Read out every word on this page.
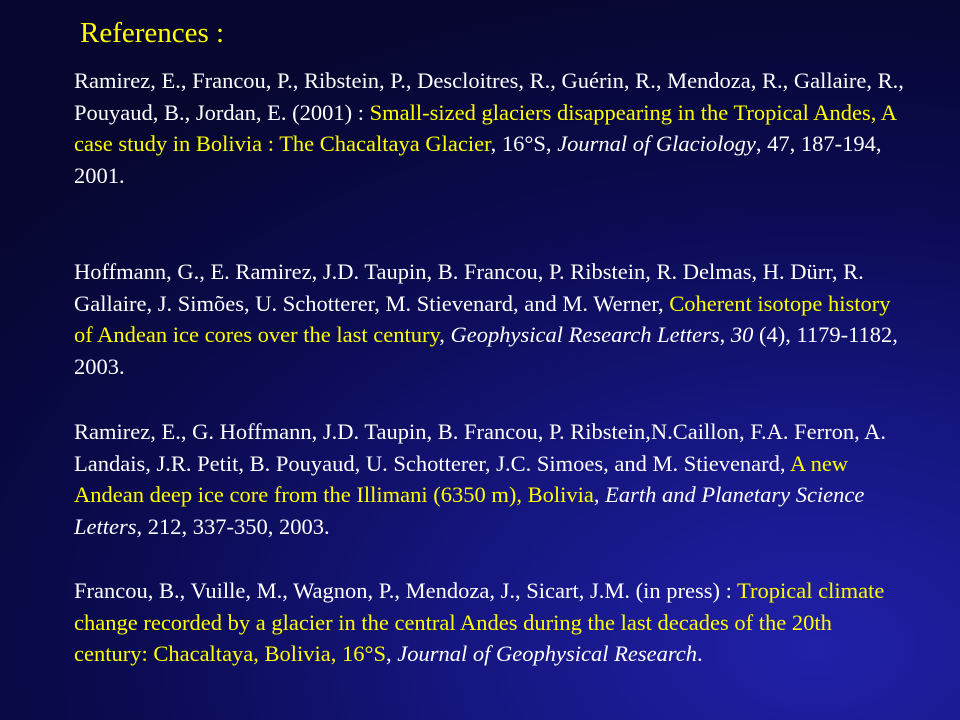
References :
Ramirez, E., Francou, P., Ribstein, P., Descloitres, R., Guérin, R., Mendoza, R., Gallaire, R., Pouyaud, B., Jordan, E. (2001) : Small-sized glaciers disappearing in the Tropical Andes, A case study in Bolivia : The Chacaltaya Glacier, 16°S, Journal of Glaciology, 47, 187-194, 2001.
Hoffmann, G., E. Ramirez, J.D. Taupin, B. Francou, P. Ribstein, R. Delmas, H. Dürr, R. Gallaire, J. Simões, U. Schotterer, M. Stievenard, and M. Werner, Coherent isotope history of Andean ice cores over the last century, Geophysical Research Letters, 30 (4), 1179-1182, 2003.
Ramirez, E., G. Hoffmann, J.D. Taupin, B. Francou, P. Ribstein,N.Caillon, F.A. Ferron, A. Landais, J.R. Petit, B. Pouyaud, U. Schotterer, J.C. Simoes, and M. Stievenard, A new Andean deep ice core from the Illimani (6350 m), Bolivia, Earth and Planetary Science Letters, 212, 337-350, 2003.
Francou, B., Vuille, M., Wagnon, P., Mendoza, J., Sicart, J.M. (in press) : Tropical climate change recorded by a glacier in the central Andes during the last decades of the 20th century: Chacaltaya, Bolivia, 16°S, Journal of Geophysical Research.
